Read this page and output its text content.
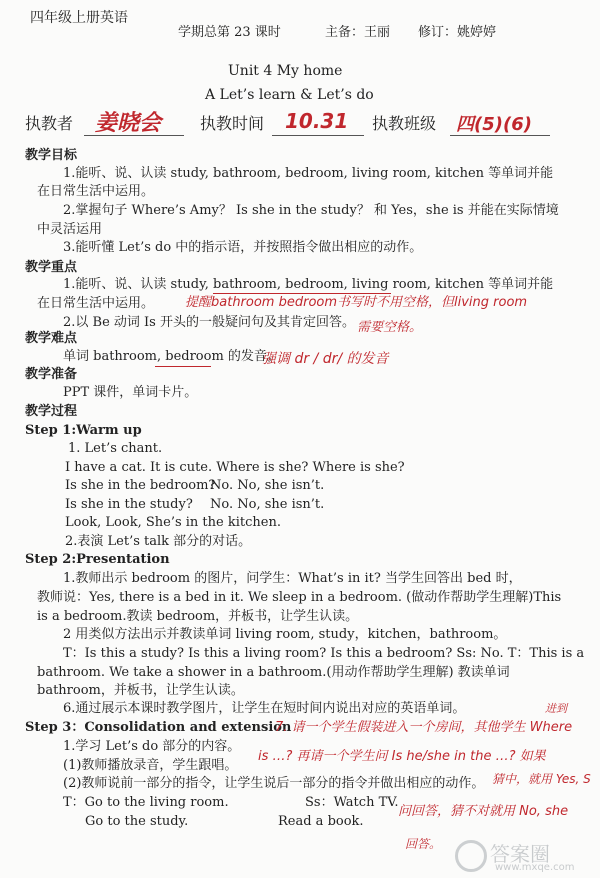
四年级上册英语
学期总第 23 课时	主备：王丽 修订：姚婷婷
Unit 4 My home
A Let’s learn & Let’s do
执教者 姜晓会 执教时间 10.31 执教班级 四(5)(6)
教学目标
1.能听、说、认读 study, bathroom, bedroom, living room, kitchen 等单词并能
在日常生活中运用。
2.掌握句子 Where’s Amy？ Is she in the study？ 和 Yes，she is 并能在实际情境
中灵活运用
3.能听懂 Let’s do 中的指示语，并按照指令做出相应的动作。
教学重点
1.能听、说、认读 study, bathroom, bedroom, living room, kitchen 等单词并能
在日常生活中运用。 提醒bathroom bedroom书写时不用空格，但living room
2.以 Be 动词 Is 开头的一般疑问句及其肯定回答。 需要空格。
教学难点
单词 bathroom, bedroom 的发音。
强调 dr / dr/ 的发音
教学准备
PPT 课件，单词卡片。
教学过程
Step 1:Warm up
1. Let’s chant.
I have a cat. It is cute. Where is she? Where is she?
Is she in the bedroom?
No. No, she isn’t.
Is she in the study? No. No, she isn’t.
Look, Look, She’s in the kitchen.
2.表演 Let’s talk 部分的对话。
Step 2:Presentation
1.教师出示 bedroom 的图片，问学生：What’s in it? 当学生回答出 bed 时，
教师说：Yes, there is a bed in it. We sleep in a bedroom. (做动作帮助学生理解)This
is a bedroom.教读 bedroom，并板书，让学生认读。
2 用类似方法出示并教读单词 living room, study，kitchen，bathroom。
T：Is this a study? Is this a living room? Is this a bedroom? Ss: No. T：This is a
bathroom. We take a shower in a bathroom.(用动作帮助学生理解) 教读单词
bathroom，并板书，让学生认读。
6.通过展示本课时教学图片，让学生在短时间内说出对应的英语单词。
Step 3：Consolidation and extension
1.学习 Let’s do 部分的内容。
(1)教师播放录音，学生跟唱。
(2)教师说前一部分的指令，让学生说后一部分的指令并做出相应的动作。
T：Go to the living room.	Ss：Watch TV.
Go to the study.	Read a book.
进到
7. 请一个学生假装进入一个房间，其他学生 Where
is …? 再请一个学生问 Is he/she in the …? 如果
猜中，就用 Yes, S
问回答，猜不对就用 No, she
回答。 答案圈
www.mxqe.com
